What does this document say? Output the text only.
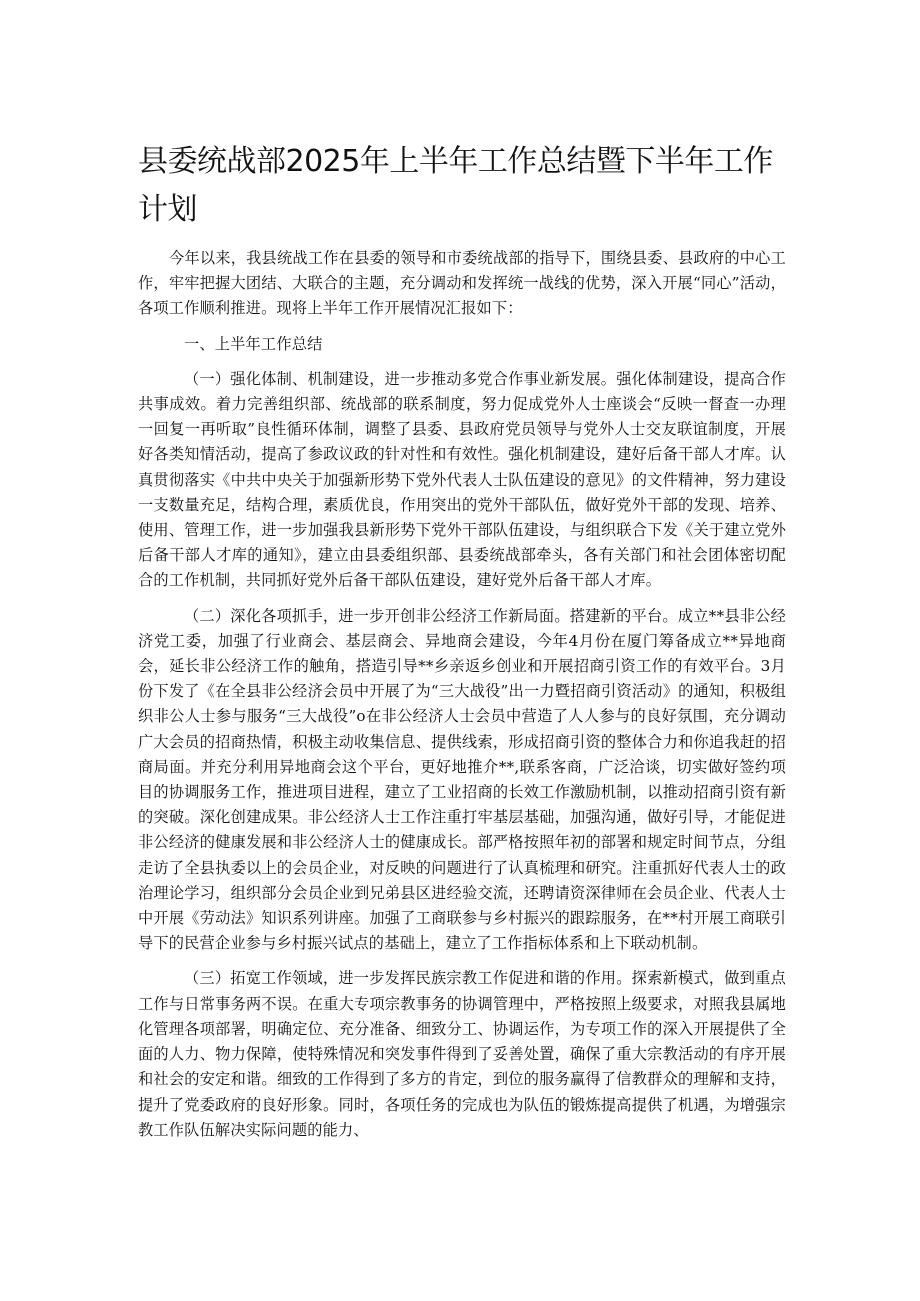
县委统战部2025年上半年工作总结暨下半年工作计划

今年以来，我县统战工作在县委的领导和市委统战部的指导下，围绕县委、县政府的中心工作，牢牢把握大团结、大联合的主题，充分调动和发挥统一战线的优势，深入开展“同心”活动，各项工作顺利推进。现将上半年工作开展情况汇报如下：

一、上半年工作总结

（一）强化体制、机制建设，进一步推动多党合作事业新发展。强化体制建设，提高合作共事成效。着力完善组织部、统战部的联系制度，努力促成党外人士座谈会“反映一督查一办理一回复一再听取”良性循环体制，调整了县委、县政府党员领导与党外人士交友联谊制度，开展好各类知情活动，提高了参政议政的针对性和有效性。强化机制建设，建好后备干部人才库。认真贯彻落实《中共中央关于加强新形势下党外代表人士队伍建设的意见》的文件精神，努力建设一支数量充足，结构合理，素质优良，作用突出的党外干部队伍，做好党外干部的发现、培养、使用、管理工作，进一步加强我县新形势下党外干部队伍建设，与组织联合下发《关于建立党外后备干部人才库的通知》，建立由县委组织部、县委统战部牵头，各有关部门和社会团体密切配合的工作机制，共同抓好党外后备干部队伍建设，建好党外后备干部人才库。

（二）深化各项抓手，进一步开创非公经济工作新局面。搭建新的平台。成立**县非公经济党工委，加强了行业商会、基层商会、异地商会建设，今年4月份在厦门筹备成立**异地商会，延长非公经济工作的触角，搭造引导**乡亲返乡创业和开展招商引资工作的有效平台。3月份下发了《在全县非公经济会员中开展了为“三大战役”出一力暨招商引资活动》的通知，积极组织非公人士参与服务“三大战役”o在非公经济人士会员中营造了人人参与的良好氛围，充分调动广大会员的招商热情，积极主动收集信息、提供线索，形成招商引资的整体合力和你追我赶的招商局面。并充分利用异地商会这个平台，更好地推介**,联系客商，广泛洽谈，切实做好签约项目的协调服务工作，推进项目进程，建立了工业招商的长效工作激励机制，以推动招商引资有新的突破。深化创建成果。非公经济人士工作注重打牢基层基础，加强沟通，做好引导，才能促进非公经济的健康发展和非公经济人士的健康成长。部严格按照年初的部署和规定时间节点，分组走访了全县执委以上的会员企业，对反映的问题进行了认真梳理和研究。注重抓好代表人士的政治理论学习，组织部分会员企业到兄弟县区进经验交流，还聘请资深律师在会员企业、代表人士中开展《劳动法》知识系列讲座。加强了工商联参与乡村振兴的跟踪服务，在**村开展工商联引导下的民营企业参与乡村振兴试点的基础上，建立了工作指标体系和上下联动机制。

（三）拓宽工作领域，进一步发挥民族宗教工作促进和谐的作用。探索新模式，做到重点工作与日常事务两不误。在重大专项宗教事务的协调管理中，严格按照上级要求，对照我县属地化管理各项部署，明确定位、充分准备、细致分工、协调运作，为专项工作的深入开展提供了全面的人力、物力保障，使特殊情况和突发事件得到了妥善处置，确保了重大宗教活动的有序开展和社会的安定和谐。细致的工作得到了多方的肯定，到位的服务赢得了信教群众的理解和支持，提升了党委政府的良好形象。同时，各项任务的完成也为队伍的锻炼提高提供了机遇，为增强宗教工作队伍解决实际问题的能力、
